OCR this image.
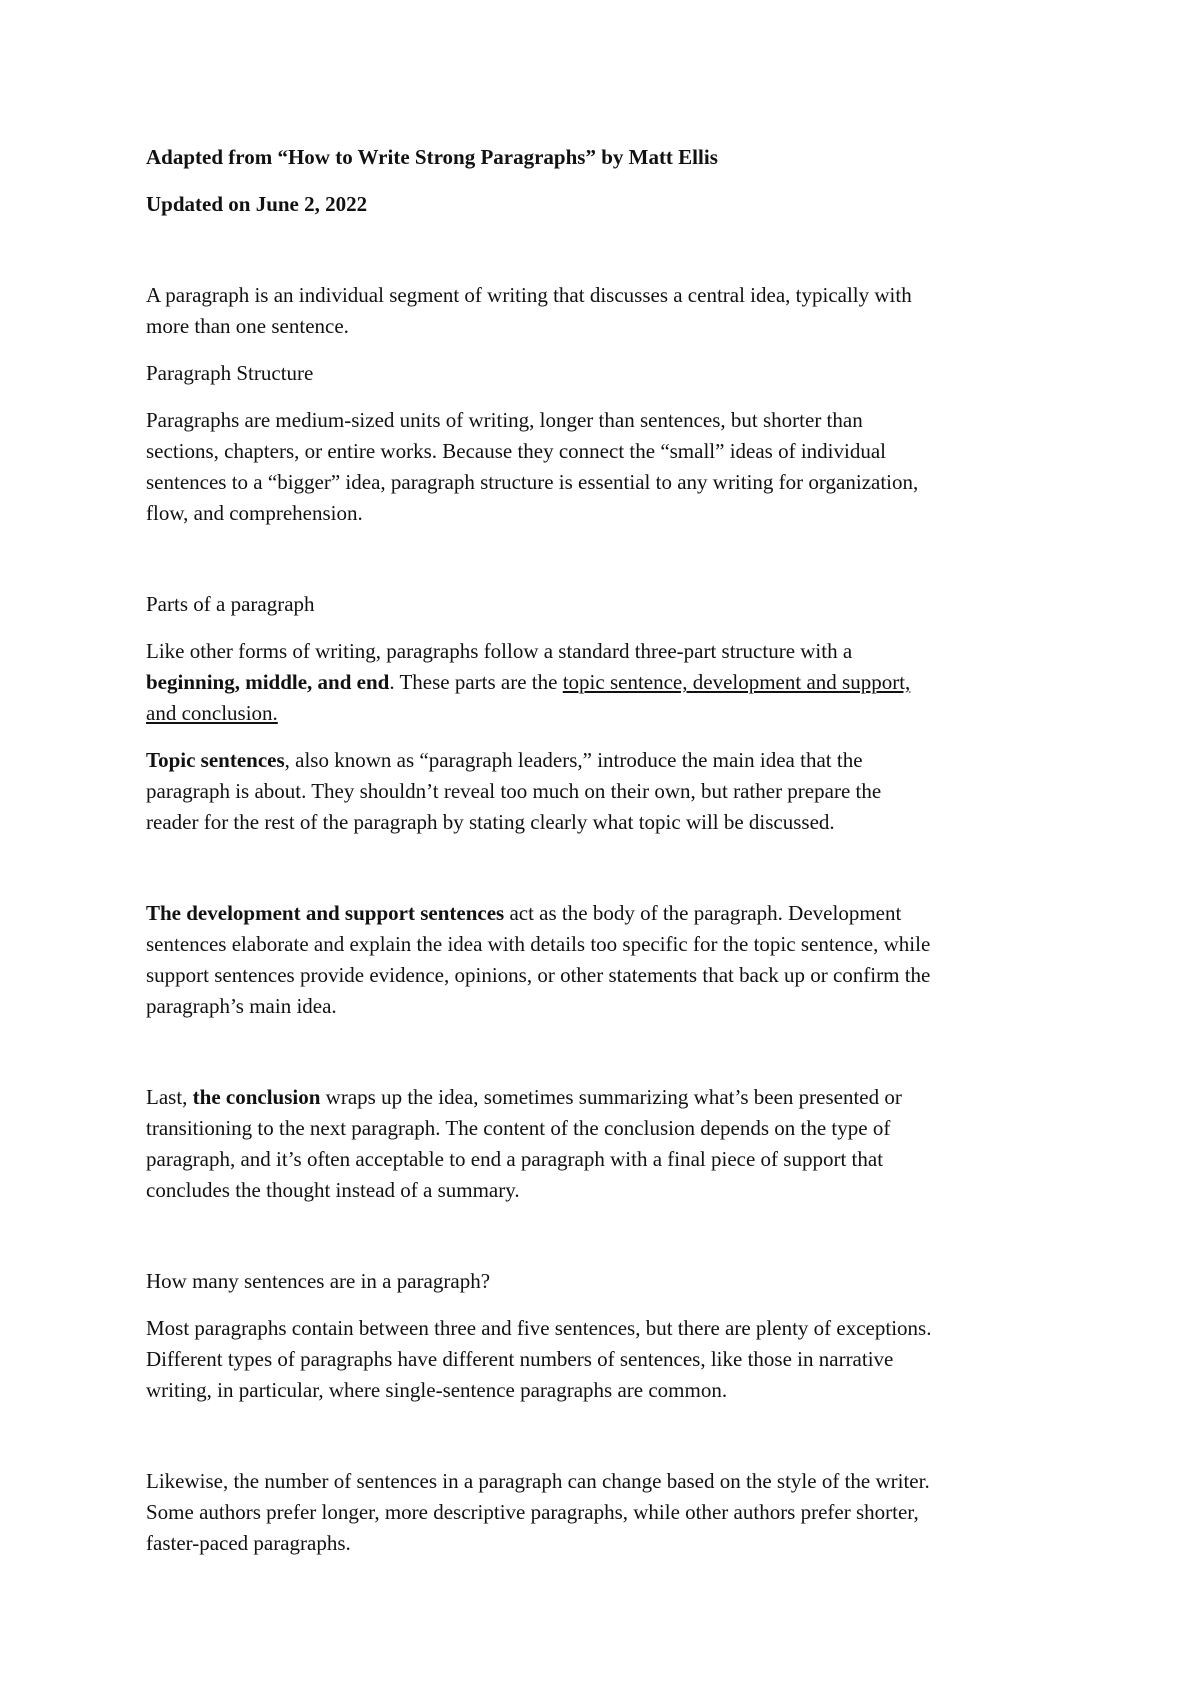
Adapted from “How to Write Strong Paragraphs” by Matt Ellis

Updated on June 2, 2022

A paragraph is an individual segment of writing that discusses a central idea, typically with
more than one sentence.

Paragraph Structure

Paragraphs are medium-sized units of writing, longer than sentences, but shorter than
sections, chapters, or entire works. Because they connect the “small” ideas of individual
sentences to a “bigger” idea, paragraph structure is essential to any writing for organization,
flow, and comprehension.

Parts of a paragraph

Like other forms of writing, paragraphs follow a standard three-part structure with a
beginning, middle, and end. These parts are the topic sentence, development and support,
and conclusion.

Topic sentences, also known as “paragraph leaders,” introduce the main idea that the
paragraph is about. They shouldn’t reveal too much on their own, but rather prepare the
reader for the rest of the paragraph by stating clearly what topic will be discussed.

The development and support sentences act as the body of the paragraph. Development
sentences elaborate and explain the idea with details too specific for the topic sentence, while
support sentences provide evidence, opinions, or other statements that back up or confirm the
paragraph’s main idea.

Last, the conclusion wraps up the idea, sometimes summarizing what’s been presented or
transitioning to the next paragraph. The content of the conclusion depends on the type of
paragraph, and it’s often acceptable to end a paragraph with a final piece of support that
concludes the thought instead of a summary.

How many sentences are in a paragraph?

Most paragraphs contain between three and five sentences, but there are plenty of exceptions.
Different types of paragraphs have different numbers of sentences, like those in narrative
writing, in particular, where single-sentence paragraphs are common.

Likewise, the number of sentences in a paragraph can change based on the style of the writer.
Some authors prefer longer, more descriptive paragraphs, while other authors prefer shorter,
faster-paced paragraphs.
